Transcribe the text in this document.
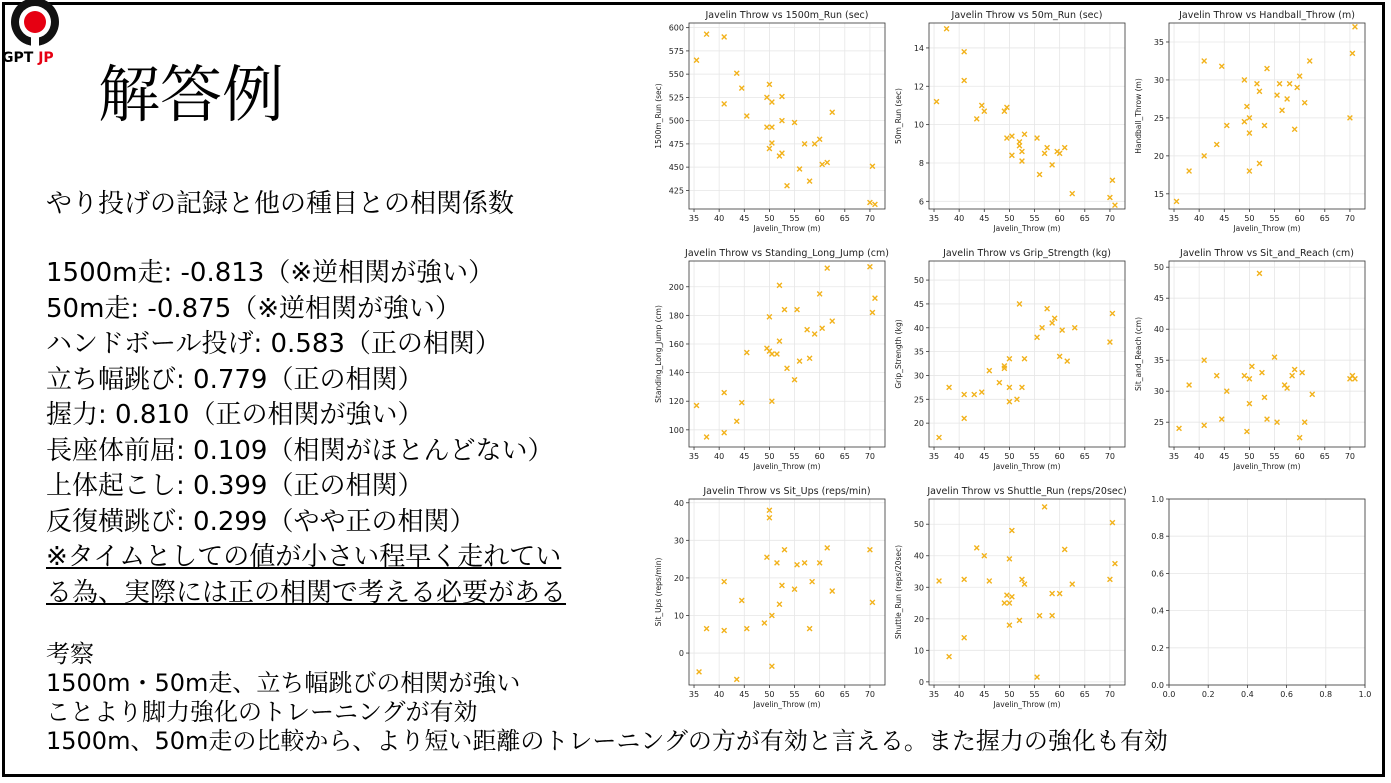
GPT JP 解答例
やり投げの記録と他の種目との相関係数
1500m走: -0.813（※逆相関が強い）
50m走: -0.875（※逆相関が強い）
ハンドボール投げ: 0.583（正の相関）
立ち幅跳び: 0.779（正の相関）
握力: 0.810（正の相関が強い）
長座体前屈: 0.109（相関がほとんどない）
上体起こし: 0.399（正の相関）
反復横跳び: 0.299（やや正の相関）
※タイムとしての値が小さい程早く走れてい
る為、実際には正の相関で考える必要がある
考察
1500m・50m走、立ち幅跳びの相関が強い
ことより脚力強化のトレーニングが有効
1500m、50m走の比較から、より短い距離のトレーニングの方が有効と言える。また握力の強化も有効
35 40 45 50 55 60 65 70
425
450
475
500
525
550
575
600
Javelin Throw vs 1500m_Run (sec)
Javelin_Throw (m)
1500m_Run (sec)
35 40 45 50 55 60 65 70
6
8
10
12
14
Javelin Throw vs 50m_Run (sec)
Javelin_Throw (m)
50m_Run (sec)
35 40 45 50 55 60 65 70
15
20
25
30
35
Javelin Throw vs Handball_Throw (m)
Javelin_Throw (m)
Handball_Throw (m)
35 40 45 50 55 60 65 70
100
120
140
160
180
200
Javelin Throw vs Standing_Long_Jump (cm)
Javelin_Throw (m)
Standing_Long_Jump (cm)
35 40 45 50 55 60 65 70
20
25
30
35
40
45
50
Javelin Throw vs Grip_Strength (kg)
Javelin_Throw (m)
Grip_Strength (kg)
35 40 45 50 55 60 65 70
25
30
35
40
45
50
Javelin Throw vs Sit_and_Reach (cm)
Javelin_Throw (m)
Sit_and_Reach (cm)
35 40 45 50 55 60 65 70
0
10
20
30
40
Javelin Throw vs Sit_Ups (reps/min)
Javelin_Throw (m)
Sit_Ups (reps/min)
35 40 45 50 55 60 65 70
0
10
20
30
40
50
Javelin Throw vs Shuttle_Run (reps/20sec)
Javelin_Throw (m)
Shuttle_Run (reps/20sec)
0.0	0.2	0.4	0.6	0.8	1.0
0.0
0.2
0.4
0.6
0.8
1.0
